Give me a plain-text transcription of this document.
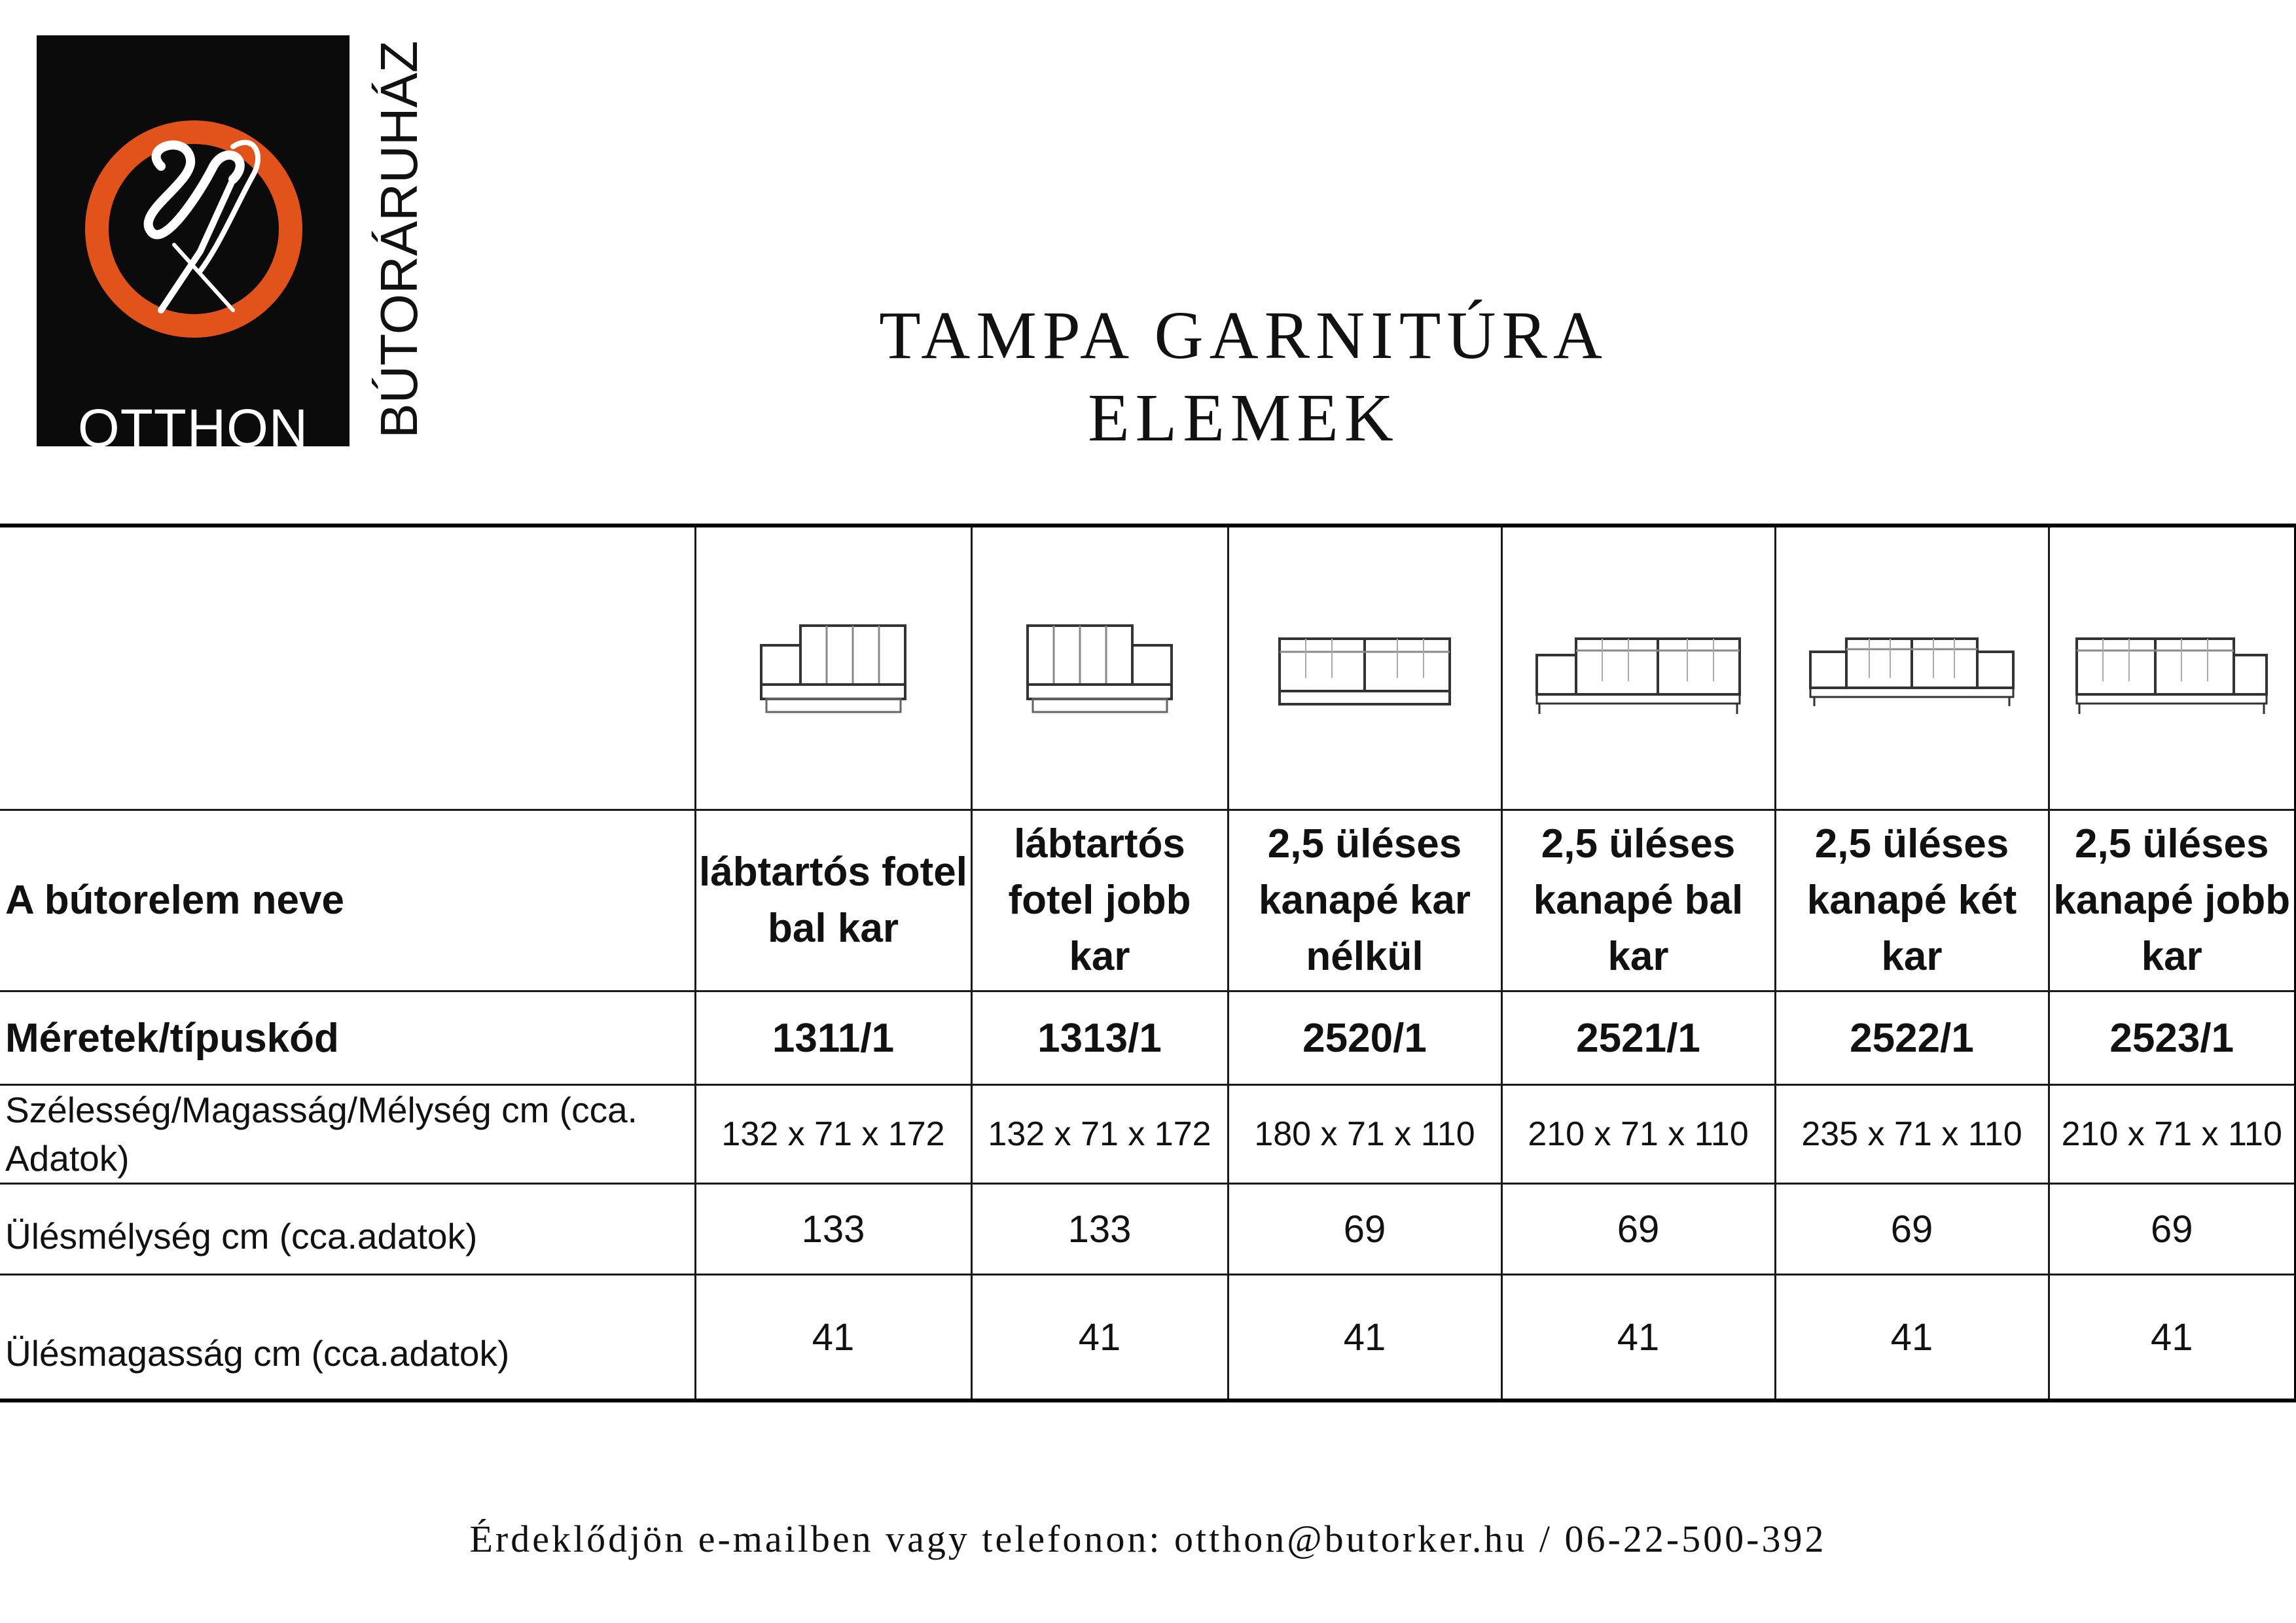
OTTHON	BÚTORÁRUHÁZ	TAMPA GARNITÚRA
ELEMEK

A bútorelem neve	lábtartós fotel bal kar	lábtartós fotel jobb kar	2,5 üléses kanapé kar nélkül	2,5 üléses kanapé bal kar	2,5 üléses kanapé két kar	2,5 üléses kanapé jobb kar
Méretek/típuskód	1311/1	1313/1	2520/1	2521/1	2522/1	2523/1
Szélesség/Magasság/Mélység cm (cca. Adatok)	132 x 71 x 172	132 x 71 x 172	180 x 71 x 110	210 x 71 x 110	235 x 71 x 110	210 x 71 x 110
Ülésmélység cm (cca.adatok)	133	133	69	69	69	69
Ülésmagasság cm (cca.adatok)	41	41	41	41	41	41
Érdeklődjön e-mailben vagy telefonon: otthon@butorker.hu / 06-22-500-392
